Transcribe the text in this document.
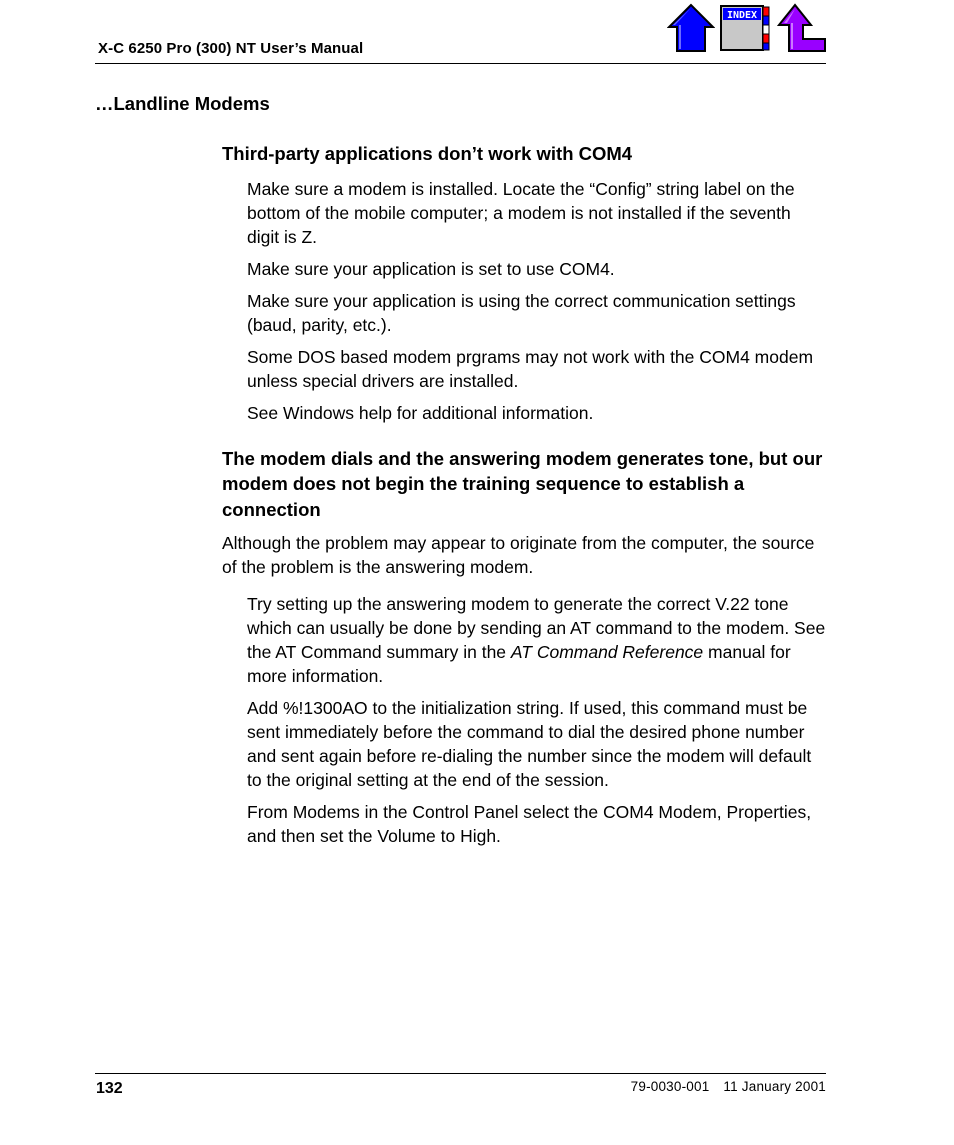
X-C 6250 Pro (300) NT User’s Manual
INDEX
…Landline Modems
Third-party applications don’t work with COM4

Make sure a modem is installed. Locate the “Config” string label on the bottom of the mobile computer; a modem is not installed if the seventh digit is Z.

Make sure your application is set to use COM4.

Make sure your application is using the correct communication settings (baud, parity, etc.).

Some DOS based modem prgrams may not work with the COM4 modem unless special drivers are installed.

See Windows help for additional information.

The modem dials and the answering modem generates tone, but our modem does not begin the training sequence to establish a connection

Although the problem may appear to originate from the computer, the source of the problem is the answering modem.

Try setting up the answering modem to generate the correct V.22 tone which can usually be done by sending an AT command to the modem. See the AT Command summary in the AT Command Reference manual for more information.

Add %!1300AO to the initialization string. If used, this command must be sent immediately before the command to dial the desired phone number and sent again before re-dialing the number since the modem will default to the original setting at the end of the session.

From Modems in the Control Panel select the COM4 Modem, Properties, and then set the Volume to High.

132	79-0030-001 11 January 2001
